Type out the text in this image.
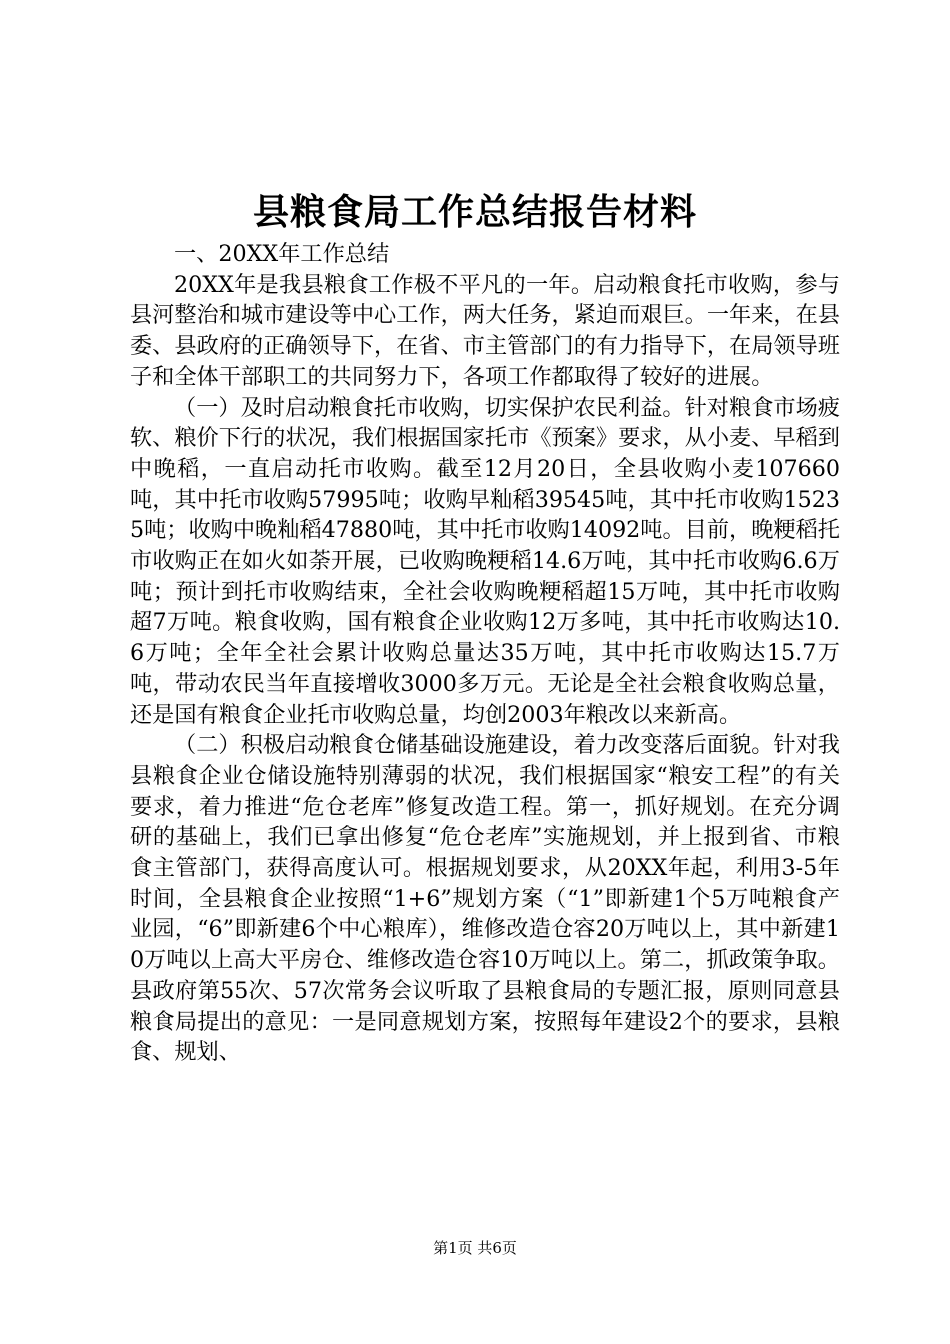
县粮食局工作总结报告材料

一、20XX年工作总结

20XX年是我县粮食工作极不平凡的一年。启动粮食托市收购，参与县河整治和城市建设等中心工作，两大任务，紧迫而艰巨。一年来，在县委、县政府的正确领导下，在省、市主管部门的有力指导下，在局领导班子和全体干部职工的共同努力下，各项工作都取得了较好的进展。

（一）及时启动粮食托市收购，切实保护农民利益。针对粮食市场疲软、粮价下行的状况，我们根据国家托市《预案》要求，从小麦、早稻到中晚稻，一直启动托市收购。截至12月20日，全县收购小麦107660吨，其中托市收购57995吨；收购早籼稻39545吨，其中托市收购15235吨；收购中晚籼稻47880吨，其中托市收购14092吨。目前，晚粳稻托市收购正在如火如荼开展，已收购晚粳稻14.6万吨，其中托市收购6.6万吨；预计到托市收购结束，全社会收购晚粳稻超15万吨，其中托市收购超7万吨。粮食收购，国有粮食企业收购12万多吨，其中托市收购达10.6万吨；全年全社会累计收购总量达35万吨，其中托市收购达15.7万吨，带动农民当年直接增收3000多万元。无论是全社会粮食收购总量，还是国有粮食企业托市收购总量，均创2003年粮改以来新高。

（二）积极启动粮食仓储基础设施建设，着力改变落后面貌。针对我县粮食企业仓储设施特别薄弱的状况，我们根据国家“粮安工程”的有关要求，着力推进“危仓老库”修复改造工程。第一，抓好规划。在充分调研的基础上，我们已拿出修复“危仓老库”实施规划，并上报到省、市粮食主管部门，获得高度认可。根据规划要求，从20XX年起，利用3-5年时间，全县粮食企业按照“1+6”规划方案（“1”即新建1个5万吨粮食产业园，“6”即新建6个中心粮库），维修改造仓容20万吨以上，其中新建10万吨以上高大平房仓、维修改造仓容10万吨以上。第二，抓政策争取。县政府第55次、57次常务会议听取了县粮食局的专题汇报，原则同意县粮食局提出的意见：一是同意规划方案，按照每年建设2个的要求，县粮食、规划、

第1页 共6页
